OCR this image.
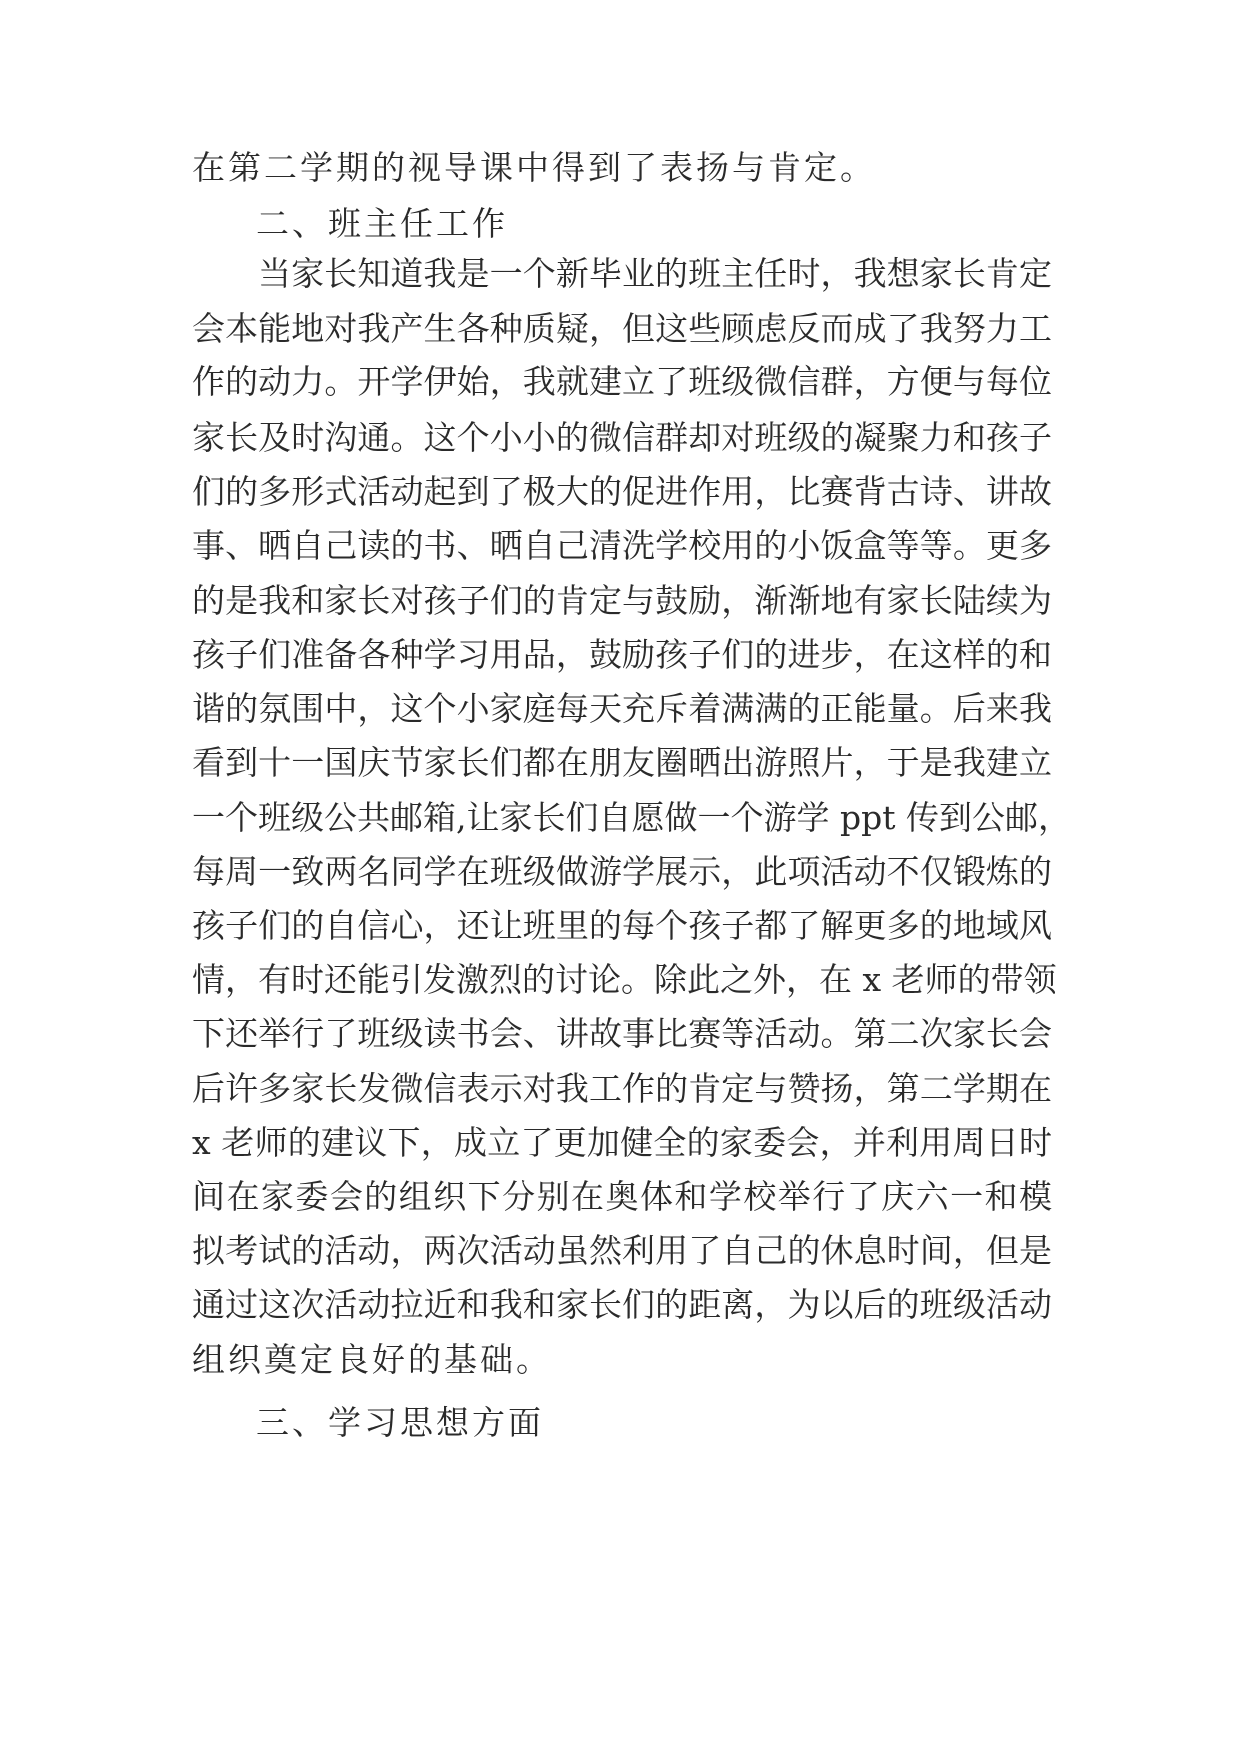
在第二学期的视导课中得到了表扬与肯定。
二、班主任工作
当家长知道我是一个新毕业的班主任时，我想家长肯定
会本能地对我产生各种质疑，但这些顾虑反而成了我努力工
作的动力。开学伊始，我就建立了班级微信群，方便与每位
家长及时沟通。这个小小的微信群却对班级的凝聚力和孩子
们的多形式活动起到了极大的促进作用，比赛背古诗、讲故
事、晒自己读的书、晒自己清洗学校用的小饭盒等等。更多
的是我和家长对孩子们的肯定与鼓励，渐渐地有家长陆续为
孩子们准备各种学习用品，鼓励孩子们的进步，在这样的和
谐的氛围中，这个小家庭每天充斥着满满的正能量。后来我
看到十一国庆节家长们都在朋友圈晒出游照片，于是我建立
一个班级公共邮箱,让家长们自愿做一个游学 ppt 传到公邮，
每周一致两名同学在班级做游学展示，此项活动不仅锻炼的
孩子们的自信心，还让班里的每个孩子都了解更多的地域风
情，有时还能引发激烈的讨论。除此之外，在 x 老师的带领
下还举行了班级读书会、讲故事比赛等活动。第二次家长会
后许多家长发微信表示对我工作的肯定与赞扬，第二学期在
x 老师的建议下，成立了更加健全的家委会，并利用周日时
间在家委会的组织下分别在奥体和学校举行了庆六一和模
拟考试的活动，两次活动虽然利用了自己的休息时间，但是
通过这次活动拉近和我和家长们的距离，为以后的班级活动
组织奠定良好的基础。
三、学习思想方面
